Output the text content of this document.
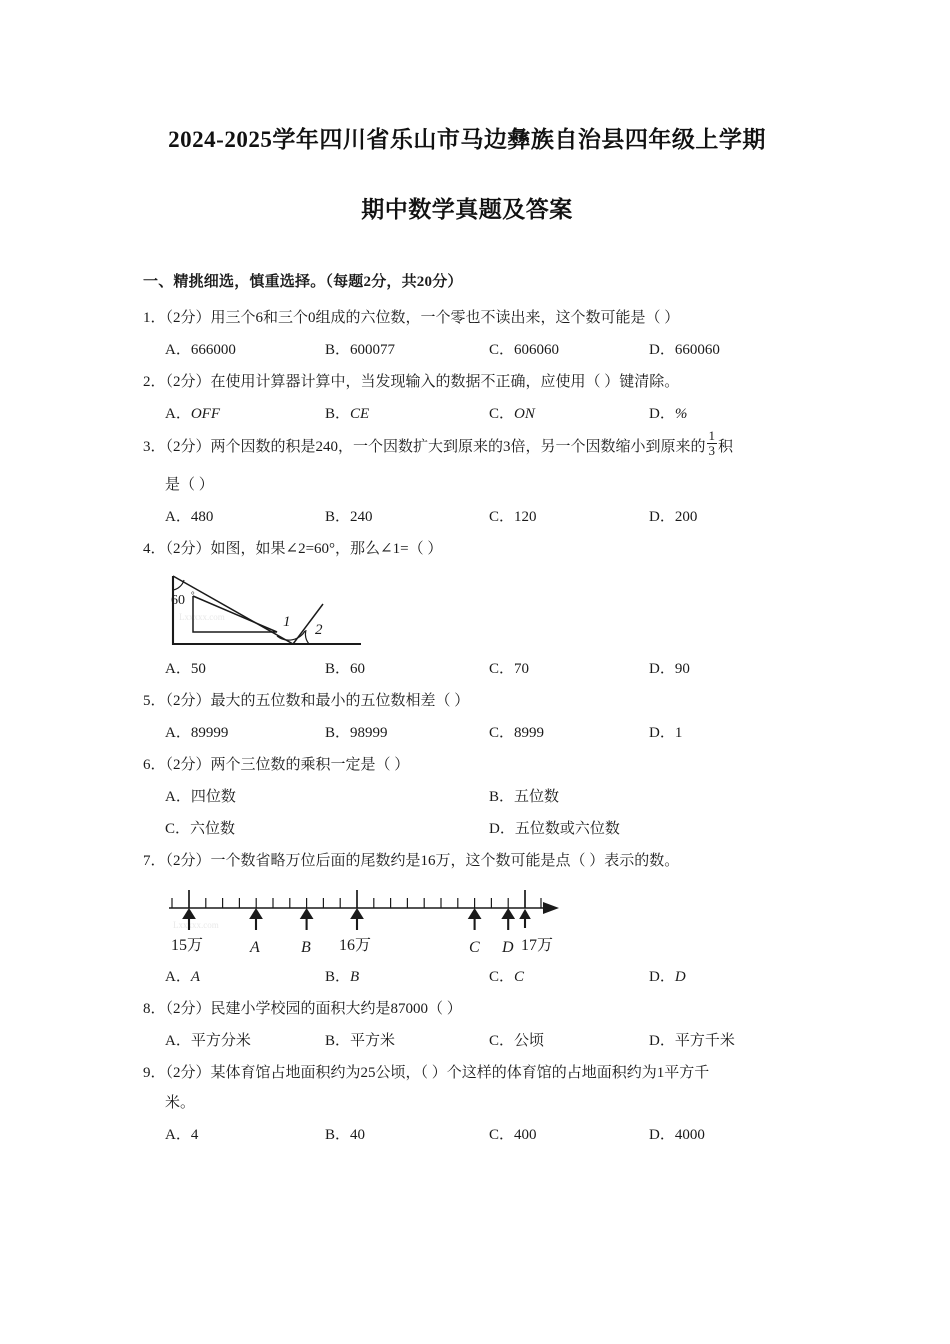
2024-2025学年四川省乐山市马边彝族自治县四年级上学期
期中数学真题及答案
一、精挑细选，慎重选择。（每题2分，共20分）
1．（2分）用三个6和三个0组成的六位数，一个零也不读出来，这个数可能是（ ）
A．666000	B．600077	C．606060	D．660060
2．（2分）在使用计算器计算中，当发现输入的数据不正确，应使用（ ）键清除。
A．OFF	B．CE	C．ON	D．%
3．（2分）两个因数的积是240，一个因数扩大到原来的3倍，另一个因数缩小到原来的 $\frac{1}{3}$ 积
是（ ）
A．480	B．240	C．120	D．200
4．（2分）如图，如果∠2=60°，那么∠1=（ ）
Lxxxxx.com
60 °
1 2
A．50	B．60	C．70	D．90
5．（2分）最大的五位数和最小的五位数相差（ ）
A．89999	B．98999	C．8999	D．1
6．（2分）两个三位数的乘积一定是（ ）
A．四位数	B．五位数
C．六位数	D．五位数或六位数
7．（2分）一个数省略万位后面的尾数约是16万，这个数可能是点（ ）表示的数。
Lxxxxx.com
15万	A	B 16万	C D 17万
A．A	B．B	C．C	D．D
8．（2分）民建小学校园的面积大约是87000（ ）
A．平方分米	B．平方米	C．公顷	D．平方千米
9．（2分）某体育馆占地面积约为25公顷，（ ）个这样的体育馆的占地面积约为1平方千
米。
A．4	B．40	C．400	D．4000
